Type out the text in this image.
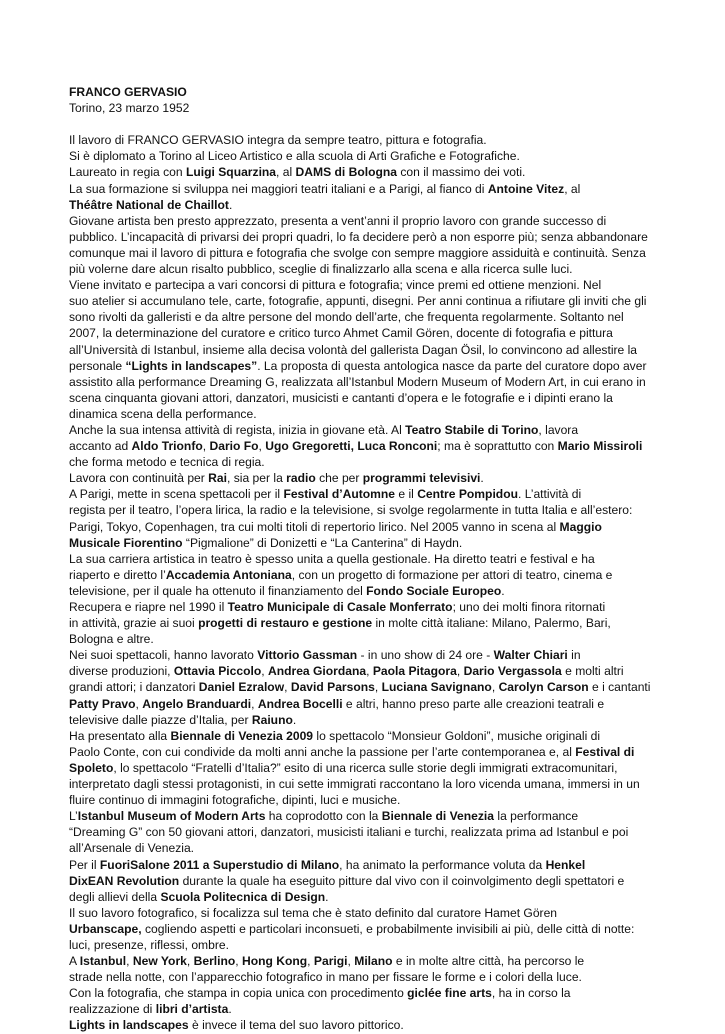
FRANCO GERVASIO
Torino, 23 marzo 1952
Il lavoro di FRANCO GERVASIO integra da sempre teatro, pittura e fotografia.
Si è diplomato a Torino al Liceo Artistico e alla scuola di Arti Grafiche e Fotografiche.
Laureato in regia con Luigi Squarzina, al DAMS di Bologna con il massimo dei voti.
La sua formazione si sviluppa nei maggiori teatri italiani e a Parigi, al fianco di Antoine Vitez, al
Théâtre National de Chaillot.
Giovane artista ben presto apprezzato, presenta a vent’anni il proprio lavoro con grande successo di
pubblico. L’incapacità di privarsi dei propri quadri, lo fa decidere però a non esporre più; senza abbandonare
comunque mai il lavoro di pittura e fotografia che svolge con sempre maggiore assiduità e continuità. Senza
più volerne dare alcun risalto pubblico, sceglie di finalizzarlo alla scena e alla ricerca sulle luci.
Viene invitato e partecipa a vari concorsi di pittura e fotografia; vince premi ed ottiene menzioni. Nel
suo atelier si accumulano tele, carte, fotografie, appunti, disegni. Per anni continua a rifiutare gli inviti che gli
sono rivolti da galleristi e da altre persone del mondo dell’arte, che frequenta regolarmente. Soltanto nel
2007, la determinazione del curatore e critico turco Ahmet Camil Gören, docente di fotografia e pittura
all’Università di Istanbul, insieme alla decisa volontà del gallerista Dagan Ösil, lo convincono ad allestire la
personale “Lights in landscapes”. La proposta di questa antologica nasce da parte del curatore dopo aver
assistito alla performance Dreaming G, realizzata all’Istanbul Modern Museum of Modern Art, in cui erano in
scena cinquanta giovani attori, danzatori, musicisti e cantanti d’opera e le fotografie e i dipinti erano la
dinamica scena della performance.
Anche la sua intensa attività di regista, inizia in giovane età. Al Teatro Stabile di Torino, lavora
accanto ad Aldo Trionfo, Dario Fo, Ugo Gregoretti, Luca Ronconi; ma è soprattutto con Mario Missiroli
che forma metodo e tecnica di regia.
Lavora con continuità per Rai, sia per la radio che per programmi televisivi.
A Parigi, mette in scena spettacoli per il Festival d’Automne e il Centre Pompidou. L’attività di
regista per il teatro, l’opera lirica, la radio e la televisione, si svolge regolarmente in tutta Italia e all’estero:
Parigi, Tokyo, Copenhagen, tra cui molti titoli di repertorio lirico. Nel 2005 vanno in scena al Maggio
Musicale Fiorentino “Pigmalione” di Donizetti e “La Canterina” di Haydn.
La sua carriera artistica in teatro è spesso unita a quella gestionale. Ha diretto teatri e festival e ha
riaperto e diretto l’Accademia Antoniana, con un progetto di formazione per attori di teatro, cinema e
televisione, per il quale ha ottenuto il finanziamento del Fondo Sociale Europeo.
Recupera e riapre nel 1990 il Teatro Municipale di Casale Monferrato; uno dei molti finora ritornati
in attività, grazie ai suoi progetti di restauro e gestione in molte città italiane: Milano, Palermo, Bari,
Bologna e altre.
Nei suoi spettacoli, hanno lavorato Vittorio Gassman - in uno show di 24 ore - Walter Chiari in
diverse produzioni, Ottavia Piccolo, Andrea Giordana, Paola Pitagora, Dario Vergassola e molti altri
grandi attori; i danzatori Daniel Ezralow, David Parsons, Luciana Savignano, Carolyn Carson e i cantanti
Patty Pravo, Angelo Branduardi, Andrea Bocelli e altri, hanno preso parte alle creazioni teatrali e
televisive dalle piazze d’Italia, per Raiuno.
Ha presentato alla Biennale di Venezia 2009 lo spettacolo “Monsieur Goldoni”, musiche originali di
Paolo Conte, con cui condivide da molti anni anche la passione per l’arte contemporanea e, al Festival di
Spoleto, lo spettacolo “Fratelli d’Italia?” esito di una ricerca sulle storie degli immigrati extracomunitari,
interpretato dagli stessi protagonisti, in cui sette immigrati raccontano la loro vicenda umana, immersi in un
fluire continuo di immagini fotografiche, dipinti, luci e musiche.
L’Istanbul Museum of Modern Arts ha coprodotto con la Biennale di Venezia la performance
“Dreaming G” con 50 giovani attori, danzatori, musicisti italiani e turchi, realizzata prima ad Istanbul e poi
all’Arsenale di Venezia.
Per il FuoriSalone 2011 a Superstudio di Milano, ha animato la performance voluta da Henkel
DixEAN Revolution durante la quale ha eseguito pitture dal vivo con il coinvolgimento degli spettatori e
degli allievi della Scuola Politecnica di Design.
Il suo lavoro fotografico, si focalizza sul tema che è stato definito dal curatore Hamet Gören
Urbanscape, cogliendo aspetti e particolari inconsueti, e probabilmente invisibili ai più, delle città di notte:
luci, presenze, riflessi, ombre.
A Istanbul, New York, Berlino, Hong Kong, Parigi, Milano e in molte altre città, ha percorso le
strade nella notte, con l’apparecchio fotografico in mano per fissare le forme e i colori della luce.
Con la fotografia, che stampa in copia unica con procedimento giclée fine arts, ha in corso la
realizzazione di libri d’artista.
Lights in landscapes è invece il tema del suo lavoro pittorico.
